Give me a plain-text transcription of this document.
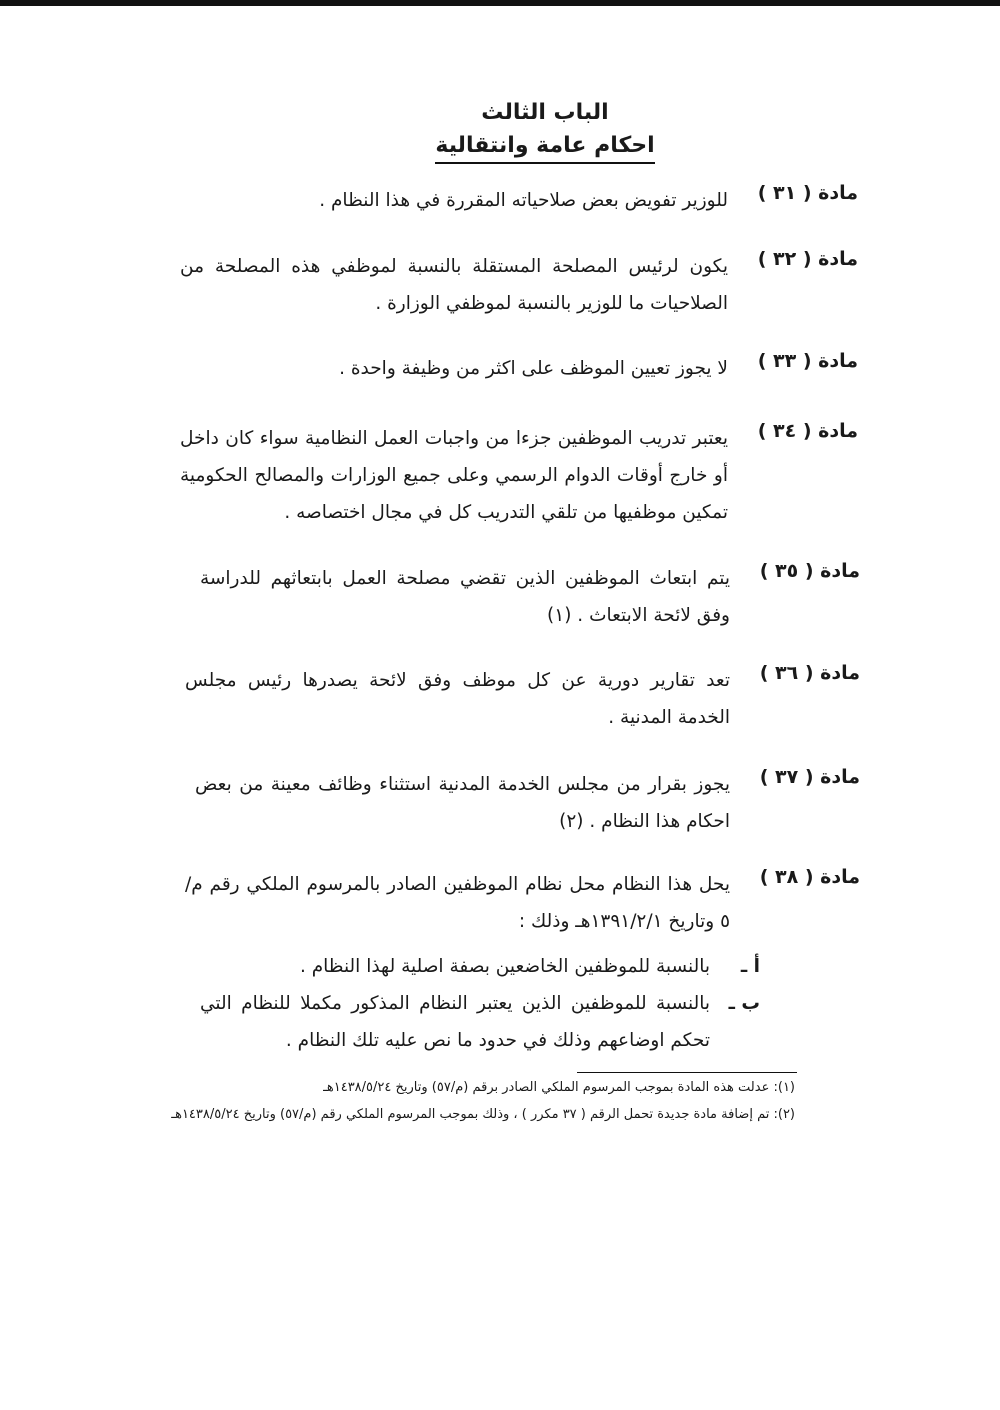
الباب الثالث
احكام عامة وانتقالية
مادة ( ٣١ )
للوزير تفويض بعض صلاحياته المقررة في هذا النظام .
مادة ( ٣٢ )
يكون لرئيس المصلحة المستقلة بالنسبة لموظفي هذه المصلحة من الصلاحيات ما للوزير بالنسبة لموظفي الوزارة .
مادة ( ٣٣ )
لا يجوز تعيين الموظف على اكثر من وظيفة واحدة .
مادة ( ٣٤ )
يعتبر تدريب الموظفين جزءا من واجبات العمل النظامية سواء كان داخل أو خارج أوقات الدوام الرسمي وعلى جميع الوزارات والمصالح الحكومية تمكين موظفيها من تلقي التدريب كل في مجال اختصاصه .
مادة ( ٣٥ )
يتم ابتعاث الموظفين الذين تقضي مصلحة العمل بابتعاثهم للدراسة وفق لائحة الابتعاث . (١)
مادة ( ٣٦ )
تعد تقارير دورية عن كل موظف وفق لائحة يصدرها رئيس مجلس الخدمة المدنية .
مادة ( ٣٧ )
يجوز بقرار من مجلس الخدمة المدنية استثناء وظائف معينة من بعض احكام هذا النظام . (٢)
مادة ( ٣٨ )
يحل هذا النظام محل نظام الموظفين الصادر بالمرسوم الملكي رقم م/٥ وتاريخ ١٣٩١/٢/١هـ وذلك :
أ ـ
بالنسبة للموظفين الخاضعين بصفة اصلية لهذا النظام .
ب ـ
بالنسبة للموظفين الذين يعتبر النظام المذكور مكملا للنظام التي تحكم اوضاعهم وذلك في حدود ما نص عليه تلك النظام .
(١): عدلت هذه المادة بموجب المرسوم الملكي الصادر برقم (م/٥٧) وتاريخ ١٤٣٨/٥/٢٤هـ
(٢): تم إضافة مادة جديدة تحمل الرقم ( ٣٧ مكرر ) ، وذلك بموجب المرسوم الملكي رقم (م/٥٧) وتاريخ ١٤٣٨/٥/٢٤هـ
